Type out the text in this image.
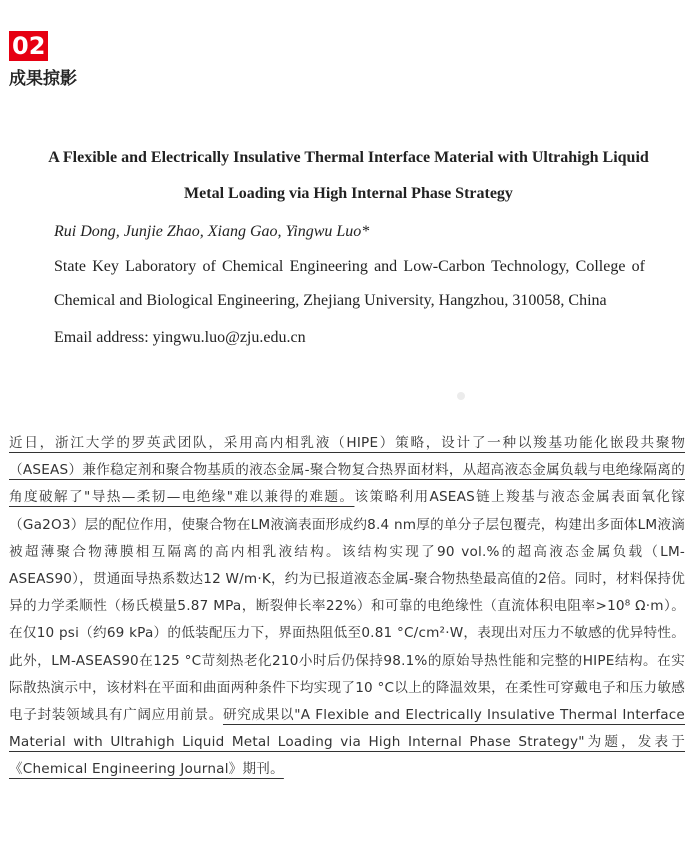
02
成果掠影

A Flexible and Electrically Insulative Thermal Interface Material with Ultrahigh Liquid Metal Loading via High Internal Phase Strategy

Rui Dong, Junjie Zhao, Xiang Gao, Yingwu Luo*

State Key Laboratory of Chemical Engineering and Low-Carbon Technology, College of Chemical and Biological Engineering, Zhejiang University, Hangzhou, 310058, China

Email address: yingwu.luo@zju.edu.cn

近日，浙江大学的罗英武团队，采用高内相乳液（HIPE）策略，设计了一种以羧基功能化嵌段共聚物（ASEAS）兼作稳定剂和聚合物基质的液态金属-聚合物复合热界面材料，从超高液态金属负载与电绝缘隔离的角度破解了"导热—柔韧—电绝缘"难以兼得的难题。该策略利用ASEAS链上羧基与液态金属表面氧化镓（Ga2O3）层的配位作用，使聚合物在LM液滴表面形成约8.4 nm厚的单分子层包覆壳，构建出多面体LM液滴被超薄聚合物薄膜相互隔离的高内相乳液结构。该结构实现了90 vol.%的超高液态金属负载（LM-ASEAS90），贯通面导热系数达12 W/m·K，约为已报道液态金属-聚合物热垫最高值的2倍。同时，材料保持优异的力学柔顺性（杨氏模量5.87 MPa，断裂伸长率22%）和可靠的电绝缘性（直流体积电阻率>10⁸ Ω·m）。在仅10 psi（约69 kPa）的低装配压力下，界面热阻低至0.81 °C/cm²·W，表现出对压力不敏感的优异特性。此外，LM-ASEAS90在125 °C苛刻热老化210小时后仍保持98.1%的原始导热性能和完整的HIPE结构。在实际散热演示中，该材料在平面和曲面两种条件下均实现了10 °C以上的降温效果，在柔性可穿戴电子和压力敏感电子封装领域具有广阔应用前景。研究成果以"A Flexible and Electrically Insulative Thermal Interface Material with Ultrahigh Liquid Metal Loading via High Internal Phase Strategy"为题，发表于《Chemical Engineering Journal》期刊。
